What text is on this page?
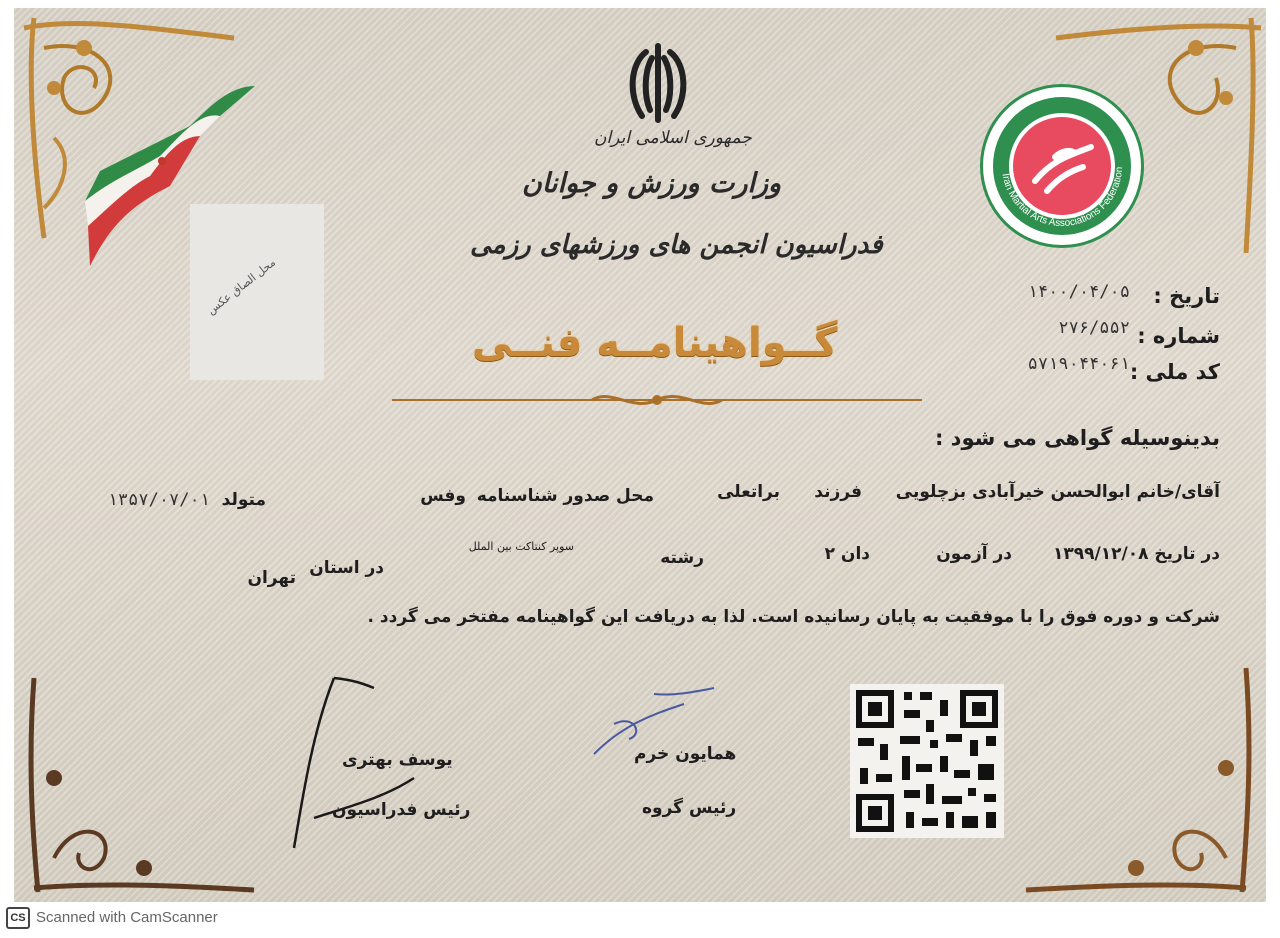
جمهوری اسلامی ایران
وزارت ورزش و جوانان
فدراسیون انجمن های ورزشهای رزمی
محل الصاق عکس
Iran Martial Arts Associations Federation
تاریخ :
۱۴۰۰/۰۴/۰۵
شماره :
۲۷۶/۵۵۲
کد ملی :
۵۷۱۹۰۴۴۰۶۱
گــواهینامــه فنــی
بدینوسیله گواهی می شود :
آقای/خانم ابوالحسن خیرآبادی بزچلویی
فرزند
براتعلی
محل صدور شناسنامه
وفس
متولد
۱۳۵۷/۰۷/۰۱
در تاریخ ۱۳۹۹/۱۲/۰۸
در آزمون
دان ۲
رشته
سوپر کنتاکت بین الملل
در استان
تهران
شرکت و دوره فوق را با موفقیت به پایان رسانیده است. لذا به دریافت این گواهینامه مفتخر می گردد .
همایون خرم
رئیس گروه
یوسف بهتری
رئیس فدراسیون
CS Scanned with CamScanner
